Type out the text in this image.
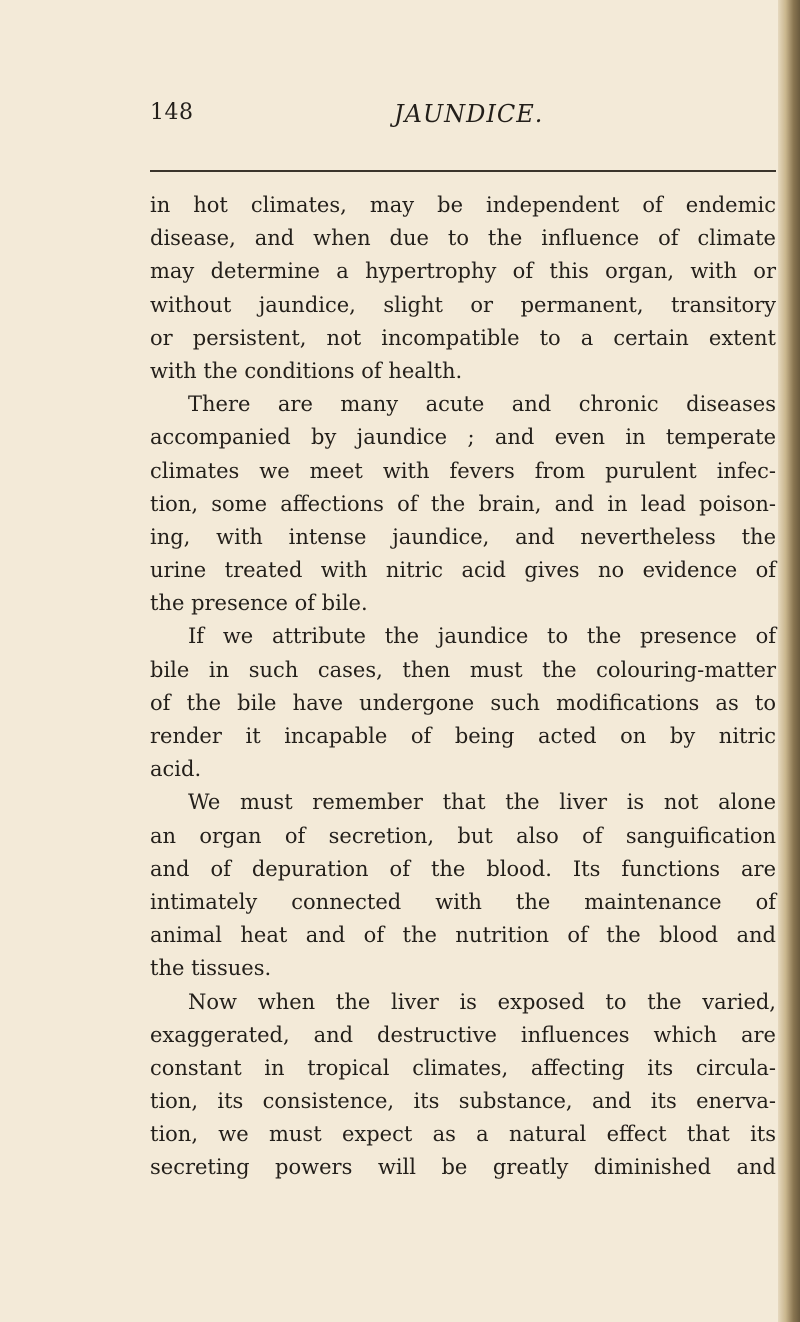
148	JAUNDICE.
in hot climates, may be independent of endemic
disease, and when due to the influence of climate
may determine a hypertrophy of this organ, with or
without jaundice, slight or permanent, transitory
or persistent, not incompatible to a certain extent
with the conditions of health.
There are many acute and chronic diseases
accompanied by jaundice ; and even in temperate
climates we meet with fevers from purulent infec-
tion, some affections of the brain, and in lead poison-
ing, with intense jaundice, and nevertheless the
urine treated with nitric acid gives no evidence of
the presence of bile.
If we attribute the jaundice to the presence of
bile in such cases, then must the colouring-matter
of the bile have undergone such modifications as to
render it incapable of being acted on by nitric
acid.
We must remember that the liver is not alone
an organ of secretion, but also of sanguification
and of depuration of the blood. Its functions are
intimately connected with the maintenance of
animal heat and of the nutrition of the blood and
the tissues.
Now when the liver is exposed to the varied,
exaggerated, and destructive influences which are
constant in tropical climates, affecting its circula-
tion, its consistence, its substance, and its enerva-
tion, we must expect as a natural effect that its
secreting powers will be greatly diminished and
